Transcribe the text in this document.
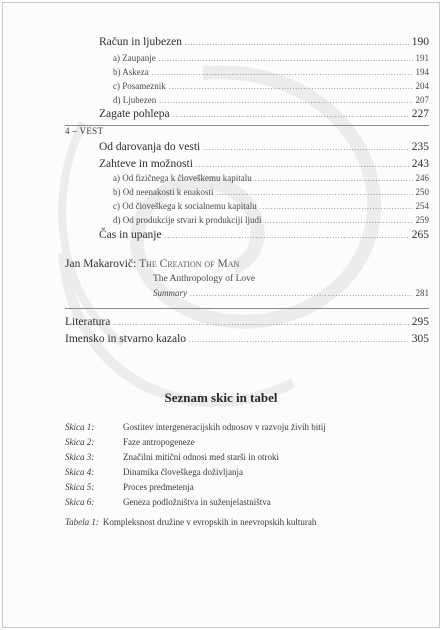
Račun in ljubezen .....	190
a) Zaupanje .....	191
b) Askeza .....	194
c) Posameznik .....	204
d) Ljubezen .....	207
Zagate pohlepa .....	227
4 – VEST
Od darovanja do vesti .....	235
Zahteve in možnosti .....	243
a) Od fizičnega k človeškemu kapitalu .....	246
b) Od neenakosti k enakosti .....	250
c) Od človeškega k socialnemu kapitalu .....	254
d) Od produkcije stvari k produkciji ljudi .....	259
Čas in upanje .....	265
Jan Makarovič: The Creation of Man
The Anthropology of Love
Summary .....	281
Literatura .....	295
Imensko in stvarno kazalo .....	305
Seznam skic in tabel
Skica 1:	Gostitev intergeneracijskih odnosov v razvoju živih bitij
Skica 2:	Faze antropogeneze
Skica 3:	Značilni mitični odnosi med starši in otroki
Skica 4:	Dinamika človeškega doživljanja
Skica 5:	Proces predmetenja
Skica 6:	Geneza podložništva in suženjelastništva
Tabela 1: Kompleksnost družine v evropskih in neevropskih kulturah
